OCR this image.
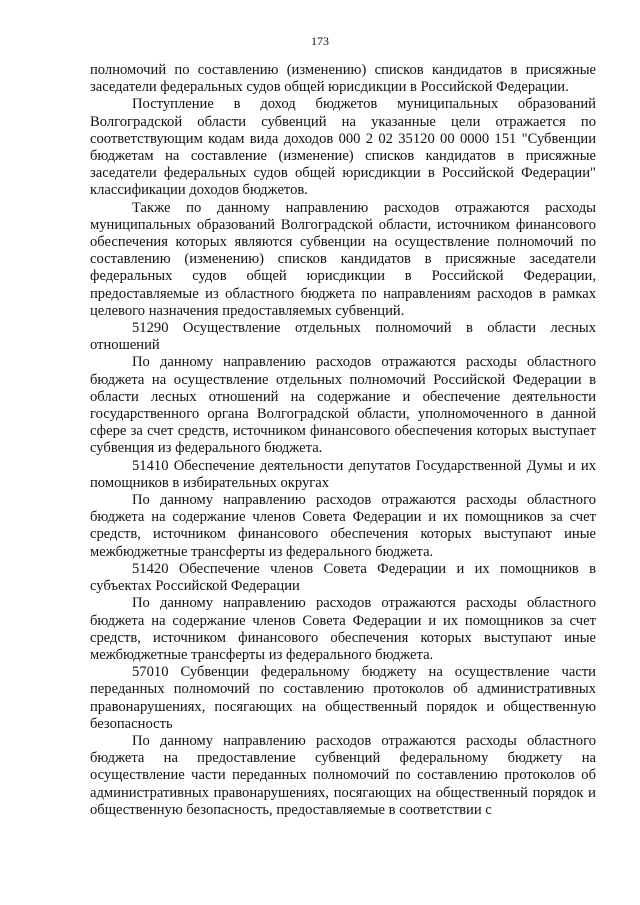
173

полномочий по составлению (изменению) списков кандидатов в присяжные заседатели федеральных судов общей юрисдикции в Российской Федерации.

Поступление в доход бюджетов муниципальных образований Волгоградской области субвенций на указанные цели отражается по соответствующим кодам вида доходов 000 2 02 35120 00 0000 151 "Субвенции бюджетам на составление (изменение) списков кандидатов в присяжные заседатели федеральных судов общей юрисдикции в Российской Федерации" классификации доходов бюджетов.

Также по данному направлению расходов отражаются расходы муниципальных образований Волгоградской области, источником финансового обеспечения которых являются субвенции на осуществление полномочий по составлению (изменению) списков кандидатов в присяжные заседатели федеральных судов общей юрисдикции в Российской Федерации, предоставляемые из областного бюджета по направлениям расходов в рамках целевого назначения предоставляемых субвенций.

51290 Осуществление отдельных полномочий в области лесных отношений

По данному направлению расходов отражаются расходы областного бюджета на осуществление отдельных полномочий Российской Федерации в области лесных отношений на содержание и обеспечение деятельности государственного органа Волгоградской области, уполномоченного в данной сфере за счет средств, источником финансового обеспечения которых выступает субвенция из федерального бюджета.

51410 Обеспечение деятельности депутатов Государственной Думы и их помощников в избирательных округах

По данному направлению расходов отражаются расходы областного бюджета на содержание членов Совета Федерации и их помощников за счет средств, источником финансового обеспечения которых выступают иные межбюджетные трансферты из федерального бюджета.

51420 Обеспечение членов Совета Федерации и их помощников в субъектах Российской Федерации

По данному направлению расходов отражаются расходы областного бюджета на содержание членов Совета Федерации и их помощников за счет средств, источником финансового обеспечения которых выступают иные межбюджетные трансферты из федерального бюджета.

57010 Субвенции федеральному бюджету на осуществление части переданных полномочий по составлению протоколов об административных правонарушениях, посягающих на общественный порядок и общественную безопасность

По данному направлению расходов отражаются расходы областного бюджета на предоставление субвенций федеральному бюджету на осуществление части переданных полномочий по составлению протоколов об административных правонарушениях, посягающих на общественный порядок и общественную безопасность, предоставляемые в соответствии с
